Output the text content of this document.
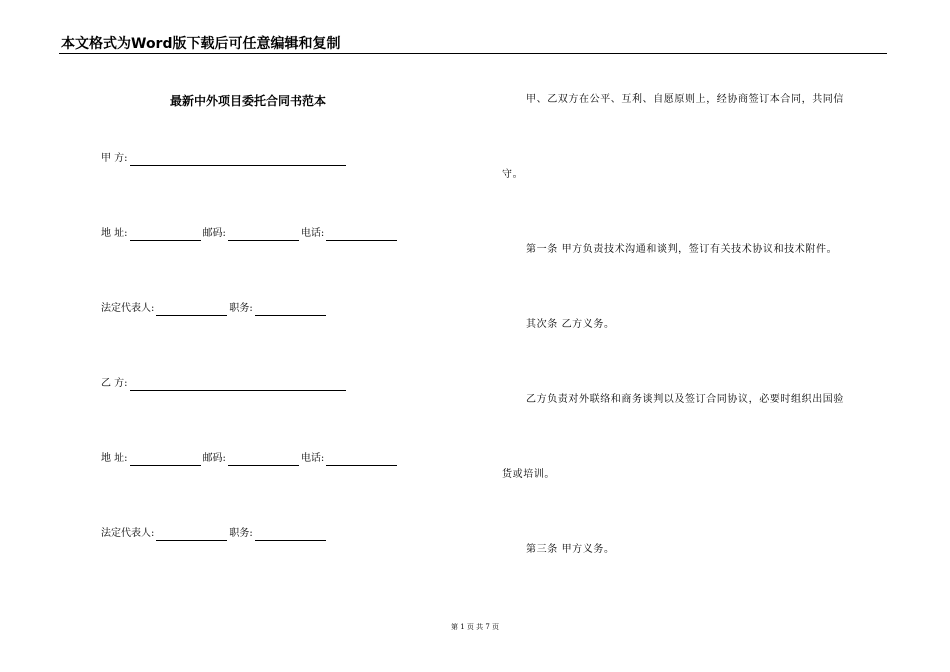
本文格式为Word版下载后可任意编辑和复制
最新中外项目委托合同书范本
甲 方:
地 址:	邮码:	电话:
法定代表人:	职务:
乙 方:
地 址:	邮码:	电话:
法定代表人:	职务:
甲、乙双方在公平、互利、自愿原则上，经协商签订本合同，共同信
守。
第一条 甲方负责技术沟通和谈判，签订有关技术协议和技术附件。
其次条 乙方义务。
乙方负责对外联络和商务谈判以及签订合同协议，必要时组织出国验
货或培训。
第三条 甲方义务。
第 1 页 共 7 页
